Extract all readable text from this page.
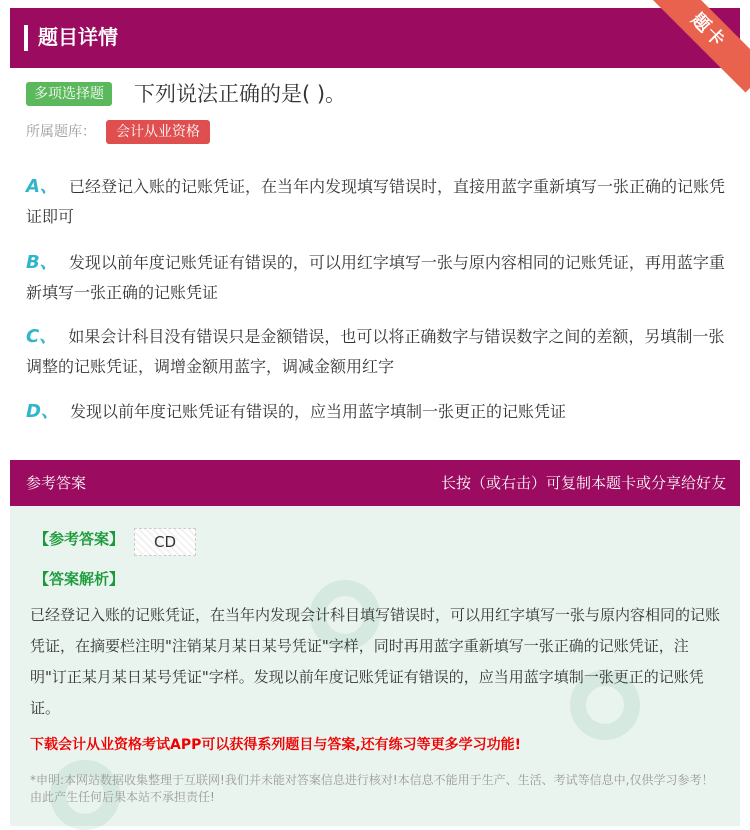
题目详情	题卡
多项选择题	下列说法正确的是( )。
所属题库：	会计从业资格
A、 已经登记入账的记账凭证，在当年内发现填写错误时，直接用蓝字重新填写一张正确的记账凭证即可
B、 发现以前年度记账凭证有错误的，可以用红字填写一张与原内容相同的记账凭证，再用蓝字重新填写一张正确的记账凭证
C、 如果会计科目没有错误只是金额错误，也可以将正确数字与错误数字之间的差额，另填制一张调整的记账凭证，调增金额用蓝字，调减金额用红字
D、 发现以前年度记账凭证有错误的，应当用蓝字填制一张更正的记账凭证
参考答案	长按（或右击）可复制本题卡或分享给好友
【参考答案】	CD
【答案解析】
已经登记入账的记账凭证，在当年内发现会计科目填写错误时，可以用红字填写一张与原内容相同的记账凭证，在摘要栏注明"注销某月某日某号凭证"字样，同时再用蓝字重新填写一张正确的记账凭证，注明"订正某月某日某号凭证"字样。发现以前年度记账凭证有错误的，应当用蓝字填制一张更正的记账凭证。
下载会计从业资格考试APP可以获得系列题目与答案,还有练习等更多学习功能!
*申明:本网站数据收集整理于互联网!我们并未能对答案信息进行核对!本信息不能用于生产、生活、考试等信息中,仅供学习参考！由此产生任何后果本站不承担责任!
